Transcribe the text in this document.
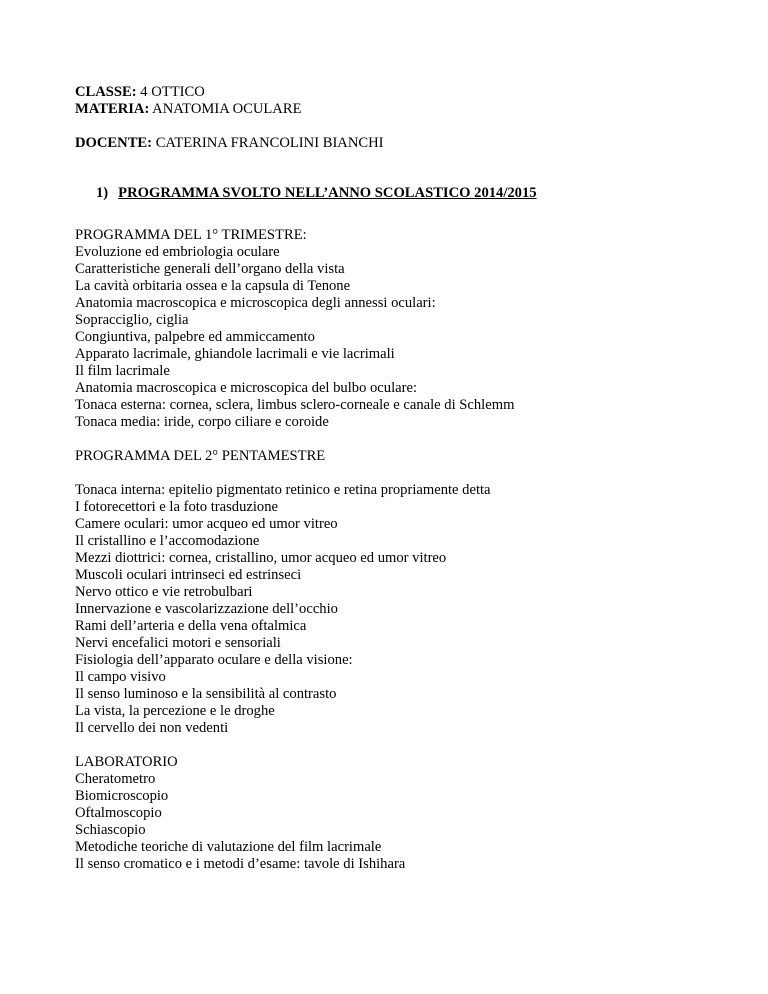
CLASSE: 4 OTTICO
MATERIA: ANATOMIA OCULARE
DOCENTE: CATERINA FRANCOLINI BIANCHI
1) PROGRAMMA SVOLTO NELL’ANNO SCOLASTICO 2014/2015
PROGRAMMA DEL 1° TRIMESTRE:
Evoluzione ed embriologia oculare
Caratteristiche generali dell’organo della vista
La cavità orbitaria ossea e la capsula di Tenone
Anatomia macroscopica e microscopica degli annessi oculari:
Sopracciglio, ciglia
Congiuntiva, palpebre ed ammiccamento
Apparato lacrimale, ghiandole lacrimali e vie lacrimali
Il film lacrimale
Anatomia macroscopica e microscopica del bulbo oculare:
Tonaca esterna: cornea, sclera, limbus sclero-corneale e canale di Schlemm
Tonaca media: iride, corpo ciliare e coroide
PROGRAMMA DEL 2° PENTAMESTRE
Tonaca interna: epitelio pigmentato retinico e retina propriamente detta
I fotorecettori e la foto trasduzione
Camere oculari: umor acqueo ed umor vitreo
Il cristallino e l’accomodazione
Mezzi diottrici: cornea, cristallino, umor acqueo ed umor vitreo
Muscoli oculari intrinseci ed estrinseci
Nervo ottico e vie retrobulbari
Innervazione e vascolarizzazione dell’occhio
Rami dell’arteria e della vena oftalmica
Nervi encefalici motori e sensoriali
Fisiologia dell’apparato oculare e della visione:
Il campo visivo
Il senso luminoso e la sensibilità al contrasto
La vista, la percezione e le droghe
Il cervello dei non vedenti
LABORATORIO
Cheratometro
Biomicroscopio
Oftalmoscopio
Schiascopio
Metodiche teoriche di valutazione del film lacrimale
Il senso cromatico e i metodi d’esame: tavole di Ishihara
